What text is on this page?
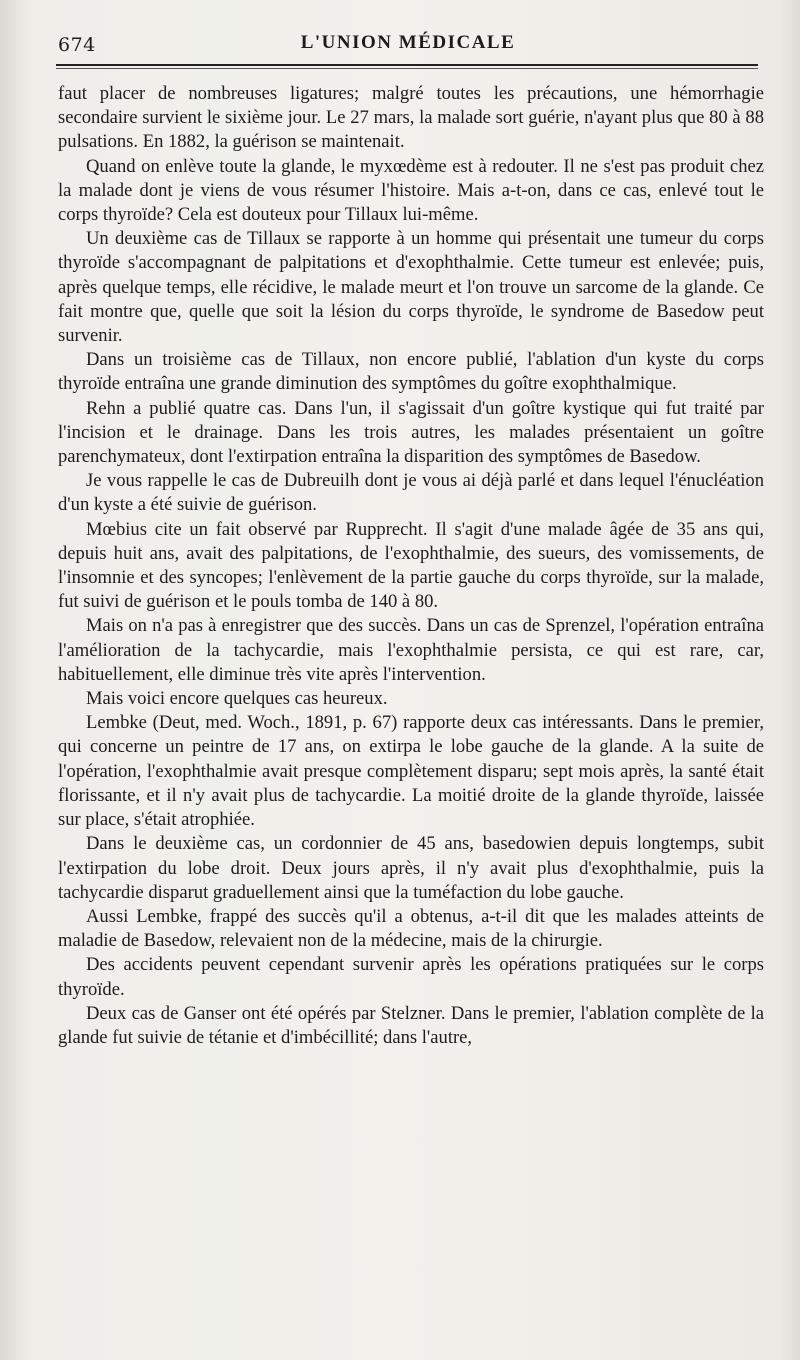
674	L'UNION MÉDICALE

faut placer de nombreuses ligatures; malgré toutes les précautions, une hémorrhagie secondaire survient le sixième jour. Le 27 mars, la malade sort guérie, n'ayant plus que 80 à 88 pulsations. En 1882, la guérison se maintenait.

Quand on enlève toute la glande, le myxœdème est à redouter. Il ne s'est pas produit chez la malade dont je viens de vous résumer l'histoire. Mais a-t-on, dans ce cas, enlevé tout le corps thyroïde? Cela est douteux pour Tillaux lui-même.

Un deuxième cas de Tillaux se rapporte à un homme qui présentait une tumeur du corps thyroïde s'accompagnant de palpitations et d'exophthalmie. Cette tumeur est enlevée; puis, après quelque temps, elle récidive, le malade meurt et l'on trouve un sarcome de la glande. Ce fait montre que, quelle que soit la lésion du corps thyroïde, le syndrome de Basedow peut survenir.

Dans un troisième cas de Tillaux, non encore publié, l'ablation d'un kyste du corps thyroïde entraîna une grande diminution des symptômes du goître exophthalmique.

Rehn a publié quatre cas. Dans l'un, il s'agissait d'un goître kystique qui fut traité par l'incision et le drainage. Dans les trois autres, les malades présentaient un goître parenchymateux, dont l'extirpation entraîna la disparition des symptômes de Basedow.

Je vous rappelle le cas de Dubreuilh dont je vous ai déjà parlé et dans lequel l'énucléation d'un kyste a été suivie de guérison.

Mœbius cite un fait observé par Rupprecht. Il s'agit d'une malade âgée de 35 ans qui, depuis huit ans, avait des palpitations, de l'exophthalmie, des sueurs, des vomissements, de l'insomnie et des syncopes; l'enlèvement de la partie gauche du corps thyroïde, sur la malade, fut suivi de guérison et le pouls tomba de 140 à 80.

Mais on n'a pas à enregistrer que des succès. Dans un cas de Sprenzel, l'opération entraîna l'amélioration de la tachycardie, mais l'exophthalmie persista, ce qui est rare, car, habituellement, elle diminue très vite après l'intervention.

Mais voici encore quelques cas heureux.

Lembke (Deut, med. Woch., 1891, p. 67) rapporte deux cas intéressants. Dans le premier, qui concerne un peintre de 17 ans, on extirpa le lobe gauche de la glande. A la suite de l'opération, l'exophthalmie avait presque complètement disparu; sept mois après, la santé était florissante, et il n'y avait plus de tachycardie. La moitié droite de la glande thyroïde, laissée sur place, s'était atrophiée.

Dans le deuxième cas, un cordonnier de 45 ans, basedowien depuis longtemps, subit l'extirpation du lobe droit. Deux jours après, il n'y avait plus d'exophthalmie, puis la tachycardie disparut graduellement ainsi que la tuméfaction du lobe gauche.

Aussi Lembke, frappé des succès qu'il a obtenus, a-t-il dit que les malades atteints de maladie de Basedow, relevaient non de la médecine, mais de la chirurgie.

Des accidents peuvent cependant survenir après les opérations pratiquées sur le corps thyroïde.

Deux cas de Ganser ont été opérés par Stelzner. Dans le premier, l'ablation complète de la glande fut suivie de tétanie et d'imbécillité; dans l'autre,
